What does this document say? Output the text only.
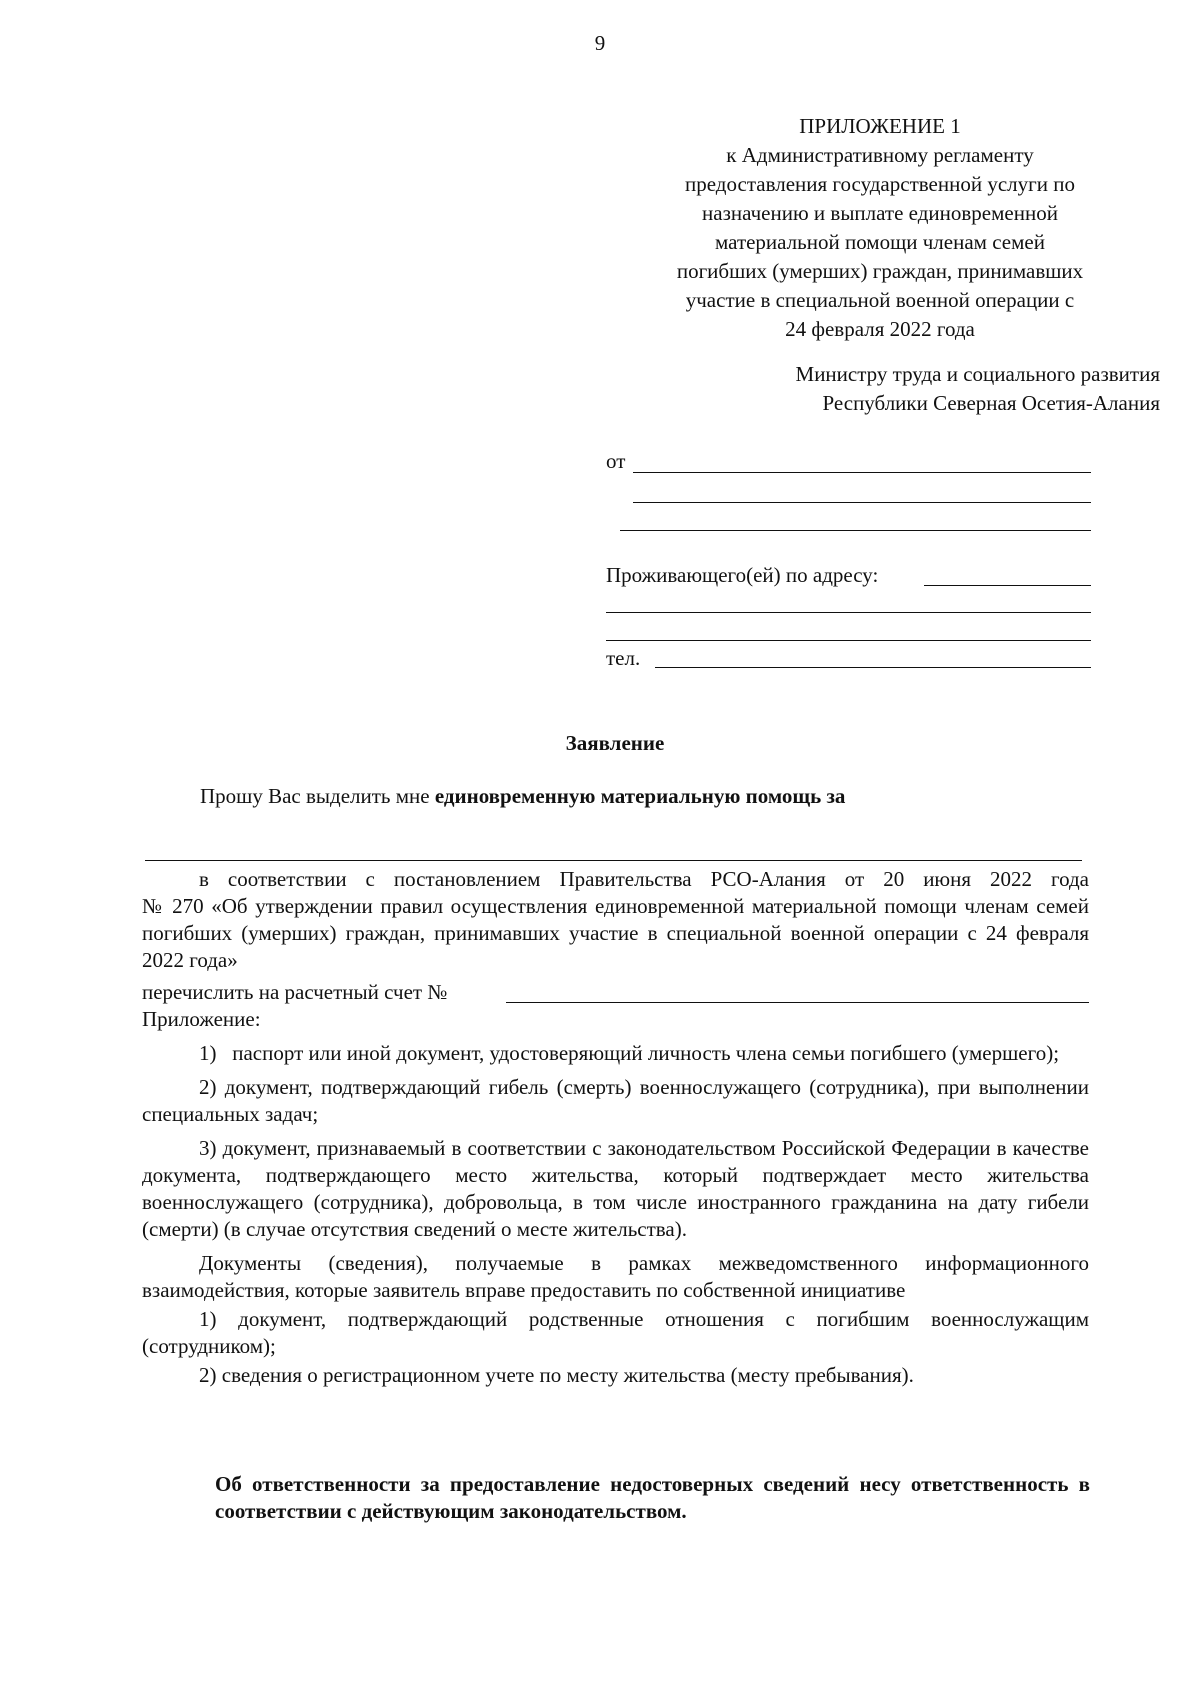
9
ПРИЛОЖЕНИЕ 1
к Административному регламенту
предоставления государственной услуги по
назначению и выплате единовременной
материальной помощи членам семей
погибших (умерших) граждан, принимавших
участие в специальной военной операции с
24 февраля 2022 года
Министру труда и социального развития
Республики Северная Осетия-Алания
от
Проживающего(ей) по адресу:
тел.
Заявление
Прошу Вас выделить мне единовременную материальную помощь за

в соответствии с постановлением Правительства РСО-Алания от 20 июня 2022 года

№ 270 «Об утверждении правил осуществления единовременной материальной помощи членам семей погибших (умерших) граждан, принимавших участие в специальной военной операции с 24 февраля 2022 года»

перечислить на расчетный счет №

Приложение:

1)   паспорт или иной документ, удостоверяющий личность члена семьи погибшего (умершего);

2) документ, подтверждающий гибель (смерть) военнослужащего (сотрудника), при выполнении специальных задач;

3) документ, признаваемый в соответствии с законодательством Российской Федерации в качестве документа, подтверждающего место жительства, который подтверждает место жительства военнослужащего (сотрудника), добровольца, в том числе иностранного гражданина на дату гибели (смерти) (в случае отсутствия сведений о месте жительства).

Документы (сведения), получаемые в рамках межведомственного информационного взаимодействия, которые заявитель вправе предоставить по собственной инициативе

1) документ, подтверждающий родственные отношения с погибшим военнослужащим (сотрудником);

2) сведения о регистрационном учете по месту жительства (месту пребывания).

Об ответственности за предоставление недостоверных сведений несу ответственность в соответствии с действующим законодательством.
